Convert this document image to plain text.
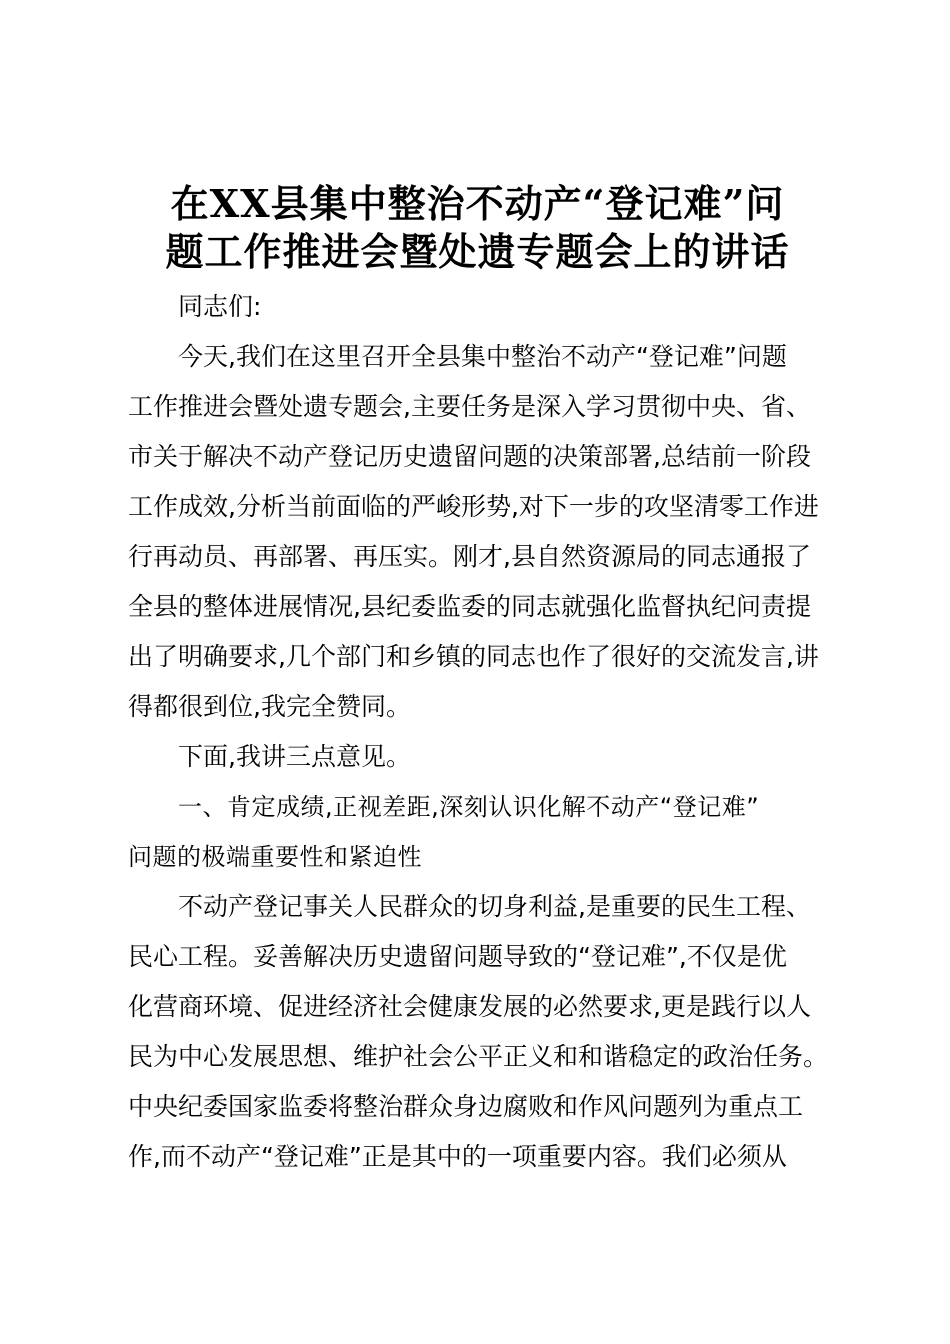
在XX县集中整治不动产“登记难”问
题工作推进会暨处遗专题会上的讲话

同志们:

今天,我们在这里召开全县集中整治不动产“登记难”问题
工作推进会暨处遗专题会,主要任务是深入学习贯彻中央、省、
市关于解决不动产登记历史遗留问题的决策部署,总结前一阶段
工作成效,分析当前面临的严峻形势,对下一步的攻坚清零工作进
行再动员、再部署、再压实。刚才,县自然资源局的同志通报了
全县的整体进展情况,县纪委监委的同志就强化监督执纪问责提
出了明确要求,几个部门和乡镇的同志也作了很好的交流发言,讲
得都很到位,我完全赞同。

下面,我讲三点意见。

一、肯定成绩,正视差距,深刻认识化解不动产“登记难”
问题的极端重要性和紧迫性

不动产登记事关人民群众的切身利益,是重要的民生工程、
民心工程。妥善解决历史遗留问题导致的“登记难”,不仅是优
化营商环境、促进经济社会健康发展的必然要求,更是践行以人
民为中心发展思想、维护社会公平正义和和谐稳定的政治任务。
中央纪委国家监委将整治群众身边腐败和作风问题列为重点工
作,而不动产“登记难”正是其中的一项重要内容。我们必须从
